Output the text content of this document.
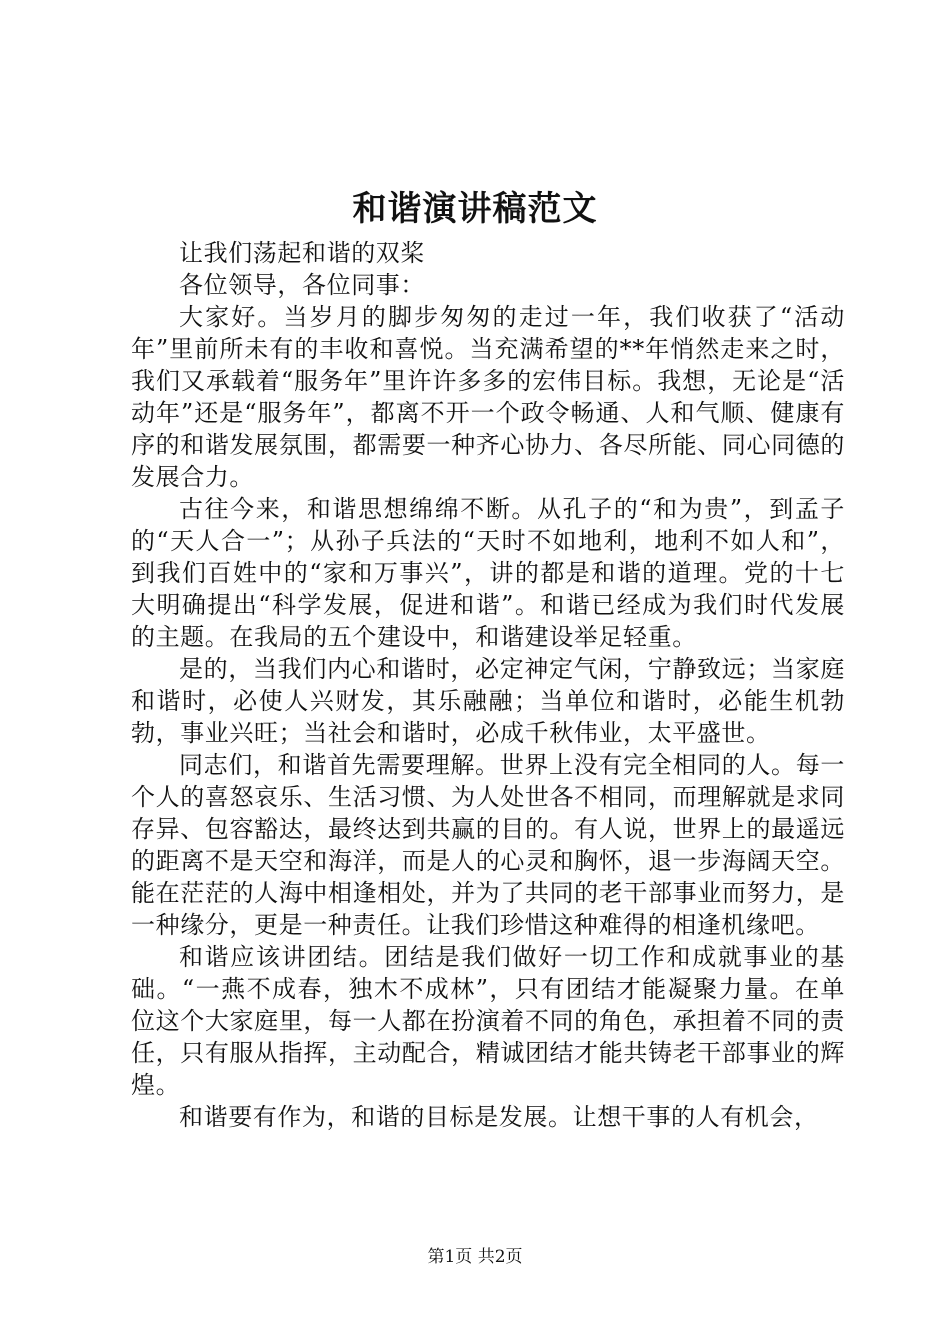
和谐演讲稿范文

让我们荡起和谐的双桨

各位领导，各位同事：

大家好。当岁月的脚步匆匆的走过一年，我们收获了“活动年”里前所未有的丰收和喜悦。当充满希望的**年悄然走来之时，我们又承载着“服务年”里许许多多的宏伟目标。我想，无论是“活动年”还是“服务年”，都离不开一个政令畅通、人和气顺、健康有序的和谐发展氛围，都需要一种齐心协力、各尽所能、同心同德的发展合力。

古往今来，和谐思想绵绵不断。从孔子的“和为贵”，到孟子的“天人合一”；从孙子兵法的“天时不如地利，地利不如人和”，到我们百姓中的“家和万事兴”，讲的都是和谐的道理。党的十七大明确提出“科学发展，促进和谐”。和谐已经成为我们时代发展的主题。在我局的五个建设中，和谐建设举足轻重。

是的，当我们内心和谐时，必定神定气闲，宁静致远；当家庭和谐时，必使人兴财发，其乐融融；当单位和谐时，必能生机勃勃，事业兴旺；当社会和谐时，必成千秋伟业，太平盛世。

同志们，和谐首先需要理解。世界上没有完全相同的人。每一个人的喜怒哀乐、生活习惯、为人处世各不相同，而理解就是求同存异、包容豁达，最终达到共赢的目的。有人说，世界上的最遥远的距离不是天空和海洋，而是人的心灵和胸怀，退一步海阔天空。能在茫茫的人海中相逢相处，并为了共同的老干部事业而努力，是一种缘分，更是一种责任。让我们珍惜这种难得的相逢机缘吧。

和谐应该讲团结。团结是我们做好一切工作和成就事业的基础。“一燕不成春，独木不成林”，只有团结才能凝聚力量。在单位这个大家庭里，每一人都在扮演着不同的角色，承担着不同的责任，只有服从指挥，主动配合，精诚团结才能共铸老干部事业的辉煌。

和谐要有作为，和谐的目标是发展。让想干事的人有机会，

第1页 共2页
